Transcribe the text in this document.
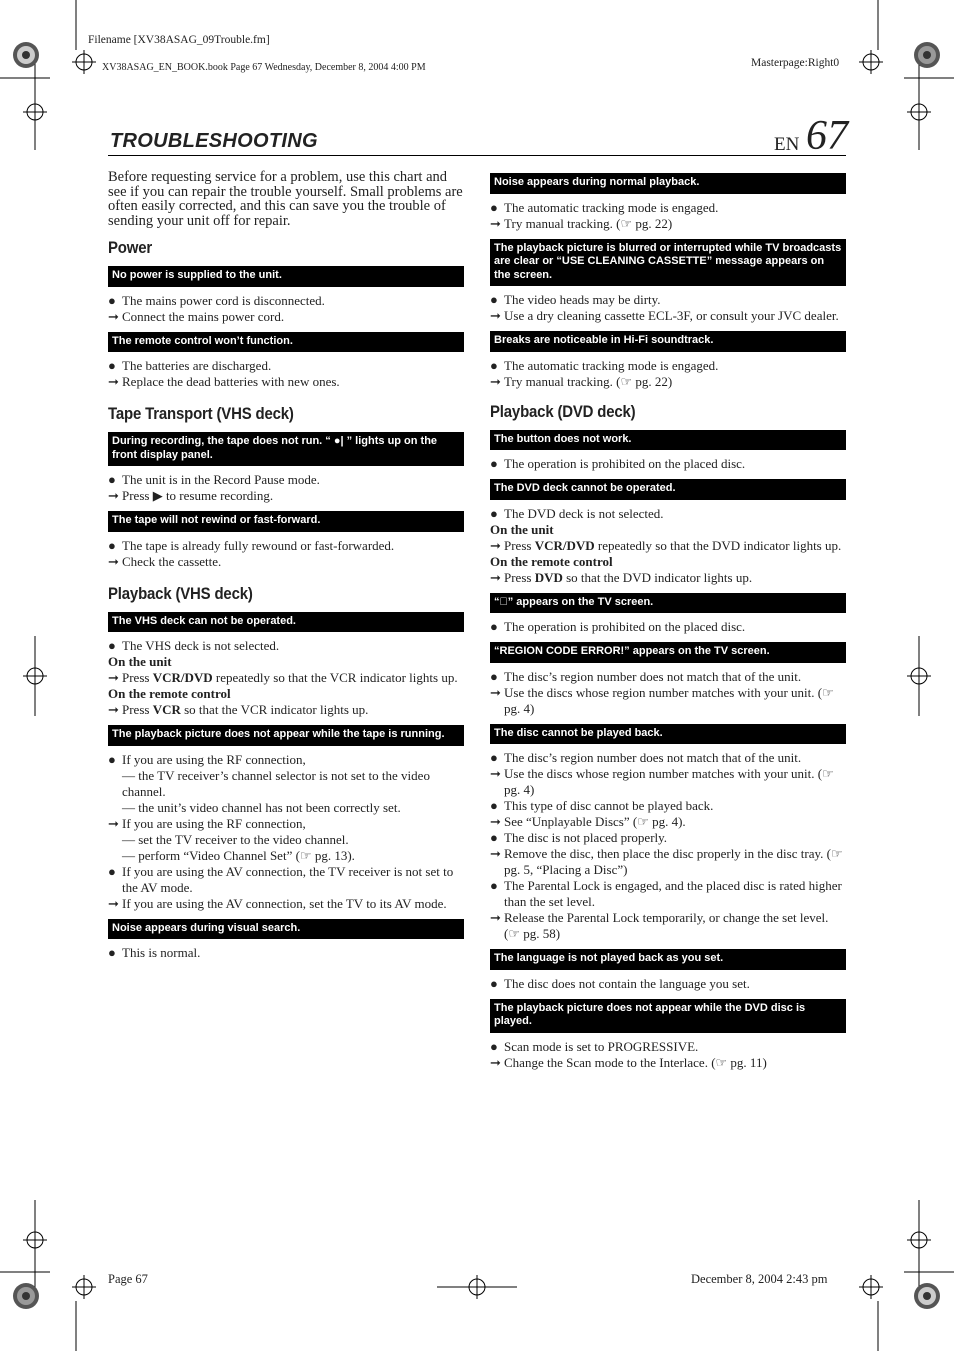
Filename [XV38ASAG_09Trouble.fm]
XV38ASAG_EN_BOOK.book Page 67 Wednesday, December 8, 2004 4:00 PM	Masterpage:Right0
TROUBLESHOOTING	EN 67

Before requesting service for a problem, use this chart and see if you can repair the trouble yourself. Small problems are often easily corrected, and this can save you the trouble of sending your unit off for repair.

Power
No power is supplied to the unit.
● The mains power cord is disconnected.
➞ Connect the mains power cord.
The remote control won’t function.
● The batteries are discharged.
➞ Replace the dead batteries with new ones.
Tape Transport (VHS deck)
During recording, the tape does not run. “ ●| ” lights up on the front display panel.
● The unit is in the Record Pause mode.
➞ Press ▶ to resume recording.
The tape will not rewind or fast-forward.
● The tape is already fully rewound or fast-forwarded.
➞ Check the cassette.
Playback (VHS deck)
The VHS deck can not be operated.
● The VHS deck is not selected.
On the unit
➞ Press VCR/DVD repeatedly so that the VCR indicator lights up.
On the remote control
➞ Press VCR so that the VCR indicator lights up.
The playback picture does not appear while the tape is running.
● If you are using the RF connection,
— the TV receiver’s channel selector is not set to the video channel.
— the unit’s video channel has not been correctly set.
➞ If you are using the RF connection,
— set the TV receiver to the video channel.
— perform “Video Channel Set” (☞ pg. 13).
● If you are using the AV connection, the TV receiver is not set to the AV mode.
➞ If you are using the AV connection, set the TV to its AV mode.
Noise appears during visual search.
● This is normal.
Noise appears during normal playback.
● The automatic tracking mode is engaged.
➞ Try manual tracking. (☞ pg. 22)
The playback picture is blurred or interrupted while TV broadcasts are clear or “USE CLEANING CASSETTE” message appears on the screen.
● The video heads may be dirty.
➞ Use a dry cleaning cassette ECL-3F, or consult your JVC dealer.
Breaks are noticeable in Hi-Fi soundtrack.
● The automatic tracking mode is engaged.
➞ Try manual tracking. (☞ pg. 22)
Playback (DVD deck)
The button does not work.
● The operation is prohibited on the placed disc.
The DVD deck cannot be operated.
● The DVD deck is not selected.
On the unit
➞ Press VCR/DVD repeatedly so that the DVD indicator lights up.
On the remote control
➞ Press DVD so that the DVD indicator lights up.
“⃠” appears on the TV screen.
● The operation is prohibited on the placed disc.
“REGION CODE ERROR!” appears on the TV screen.
● The disc’s region number does not match that of the unit.
➞ Use the discs whose region number matches with your unit. (☞ pg. 4)
The disc cannot be played back.
● The disc’s region number does not match that of the unit.
➞ Use the discs whose region number matches with your unit. (☞ pg. 4)
● This type of disc cannot be played back.
➞ See “Unplayable Discs” (☞ pg. 4).
● The disc is not placed properly.
➞ Remove the disc, then place the disc properly in the disc tray. (☞ pg. 5, “Placing a Disc”)
● The Parental Lock is engaged, and the placed disc is rated higher than the set level.
➞ Release the Parental Lock temporarily, or change the set level. (☞ pg. 58)
The language is not played back as you set.
● The disc does not contain the language you set.
The playback picture does not appear while the DVD disc is played.
● Scan mode is set to PROGRESSIVE.
➞ Change the Scan mode to the Interlace. (☞ pg. 11)
Page 67	December 8, 2004 2:43 pm
